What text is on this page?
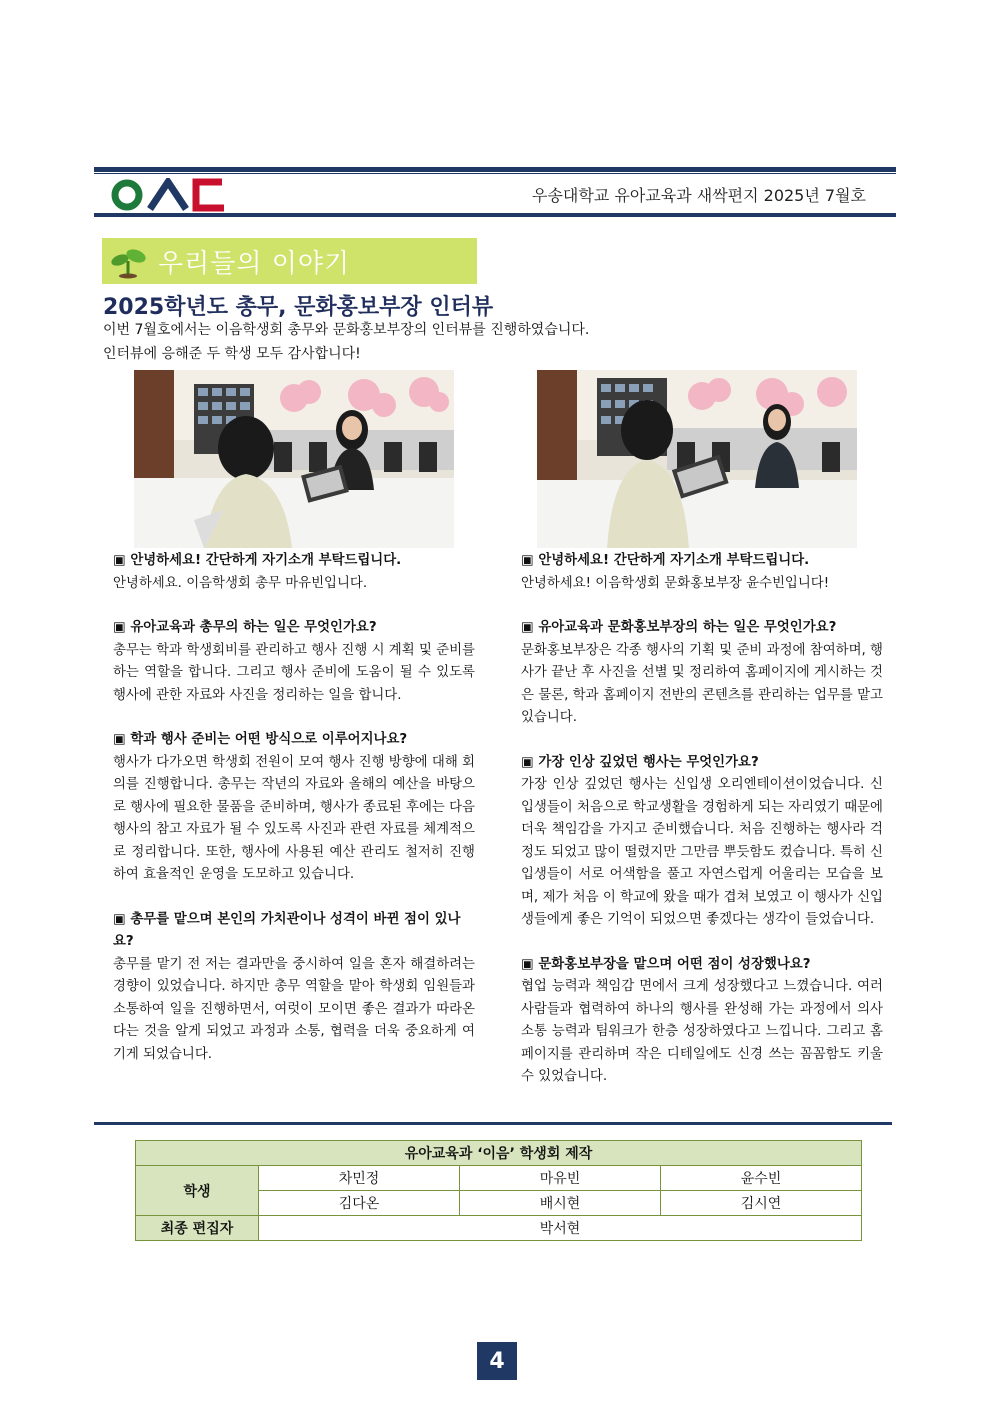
우송대학교 유아교육과 새싹편지 2025년 7월호
우리들의 이야기
2025학년도 총무, 문화홍보부장 인터뷰
이번 7월호에서는 이음학생회 총무와 문화홍보부장의 인터뷰를 진행하였습니다.
인터뷰에 응해준 두 학생 모두 감사합니다!
▣ 안녕하세요! 간단하게 자기소개 부탁드립니다.
안녕하세요. 이음학생회 총무 마유빈입니다.
▣ 유아교육과 총무의 하는 일은 무엇인가요?
총무는 학과 학생회비를 관리하고 행사 진행 시 계획 및 준비를 하는 역할을 합니다. 그리고 행사 준비에 도움이 될 수 있도록 행사에 관한 자료와 사진을 정리하는 일을 합니다.
▣ 학과 행사 준비는 어떤 방식으로 이루어지나요?
행사가 다가오면 학생회 전원이 모여 행사 진행 방향에 대해 회의를 진행합니다. 총무는 작년의 자료와 올해의 예산을 바탕으로 행사에 필요한 물품을 준비하며, 행사가 종료된 후에는 다음 행사의 참고 자료가 될 수 있도록 사진과 관련 자료를 체계적으로 정리합니다. 또한, 행사에 사용된 예산 관리도 철저히 진행하여 효율적인 운영을 도모하고 있습니다.
▣ 총무를 맡으며 본인의 가치관이나 성격이 바뀐 점이 있나요?
총무를 맡기 전 저는 결과만을 중시하여 일을 혼자 해결하려는 경향이 있었습니다. 하지만 총무 역할을 맡아 학생회 임원들과 소통하여 일을 진행하면서, 여럿이 모이면 좋은 결과가 따라온다는 것을 알게 되었고 과정과 소통, 협력을 더욱 중요하게 여기게 되었습니다.
▣ 안녕하세요! 간단하게 자기소개 부탁드립니다.
안녕하세요! 이음학생회 문화홍보부장 윤수빈입니다!
▣ 유아교육과 문화홍보부장의 하는 일은 무엇인가요?
문화홍보부장은 각종 행사의 기획 및 준비 과정에 참여하며, 행사가 끝난 후 사진을 선별 및 정리하여 홈페이지에 게시하는 것은 물론, 학과 홈페이지 전반의 콘텐츠를 관리하는 업무를 맡고 있습니다.
▣ 가장 인상 깊었던 행사는 무엇인가요?
가장 인상 깊었던 행사는 신입생 오리엔테이션이었습니다. 신입생들이 처음으로 학교생활을 경험하게 되는 자리였기 때문에 더욱 책임감을 가지고 준비했습니다. 처음 진행하는 행사라 걱정도 되었고 많이 떨렸지만 그만큼 뿌듯함도 컸습니다. 특히 신입생들이 서로 어색함을 풀고 자연스럽게 어울리는 모습을 보며, 제가 처음 이 학교에 왔을 때가 겹쳐 보였고 이 행사가 신입생들에게 좋은 기억이 되었으면 좋겠다는 생각이 들었습니다.
▣ 문화홍보부장을 맡으며 어떤 점이 성장했나요?
협업 능력과 책임감 면에서 크게 성장했다고 느꼈습니다. 여러 사람들과 협력하여 하나의 행사를 완성해 가는 과정에서 의사소통 능력과 팀워크가 한층 성장하였다고 느낍니다. 그리고 홈페이지를 관리하며 작은 디테일에도 신경 쓰는 꼼꼼함도 키울 수 있었습니다.
유아교육과 ‘이음’ 학생회 제작			
학생	차민정	마유빈	윤수빈
	김다온	배시현	김시연
최종 편집자	박서현		
4
